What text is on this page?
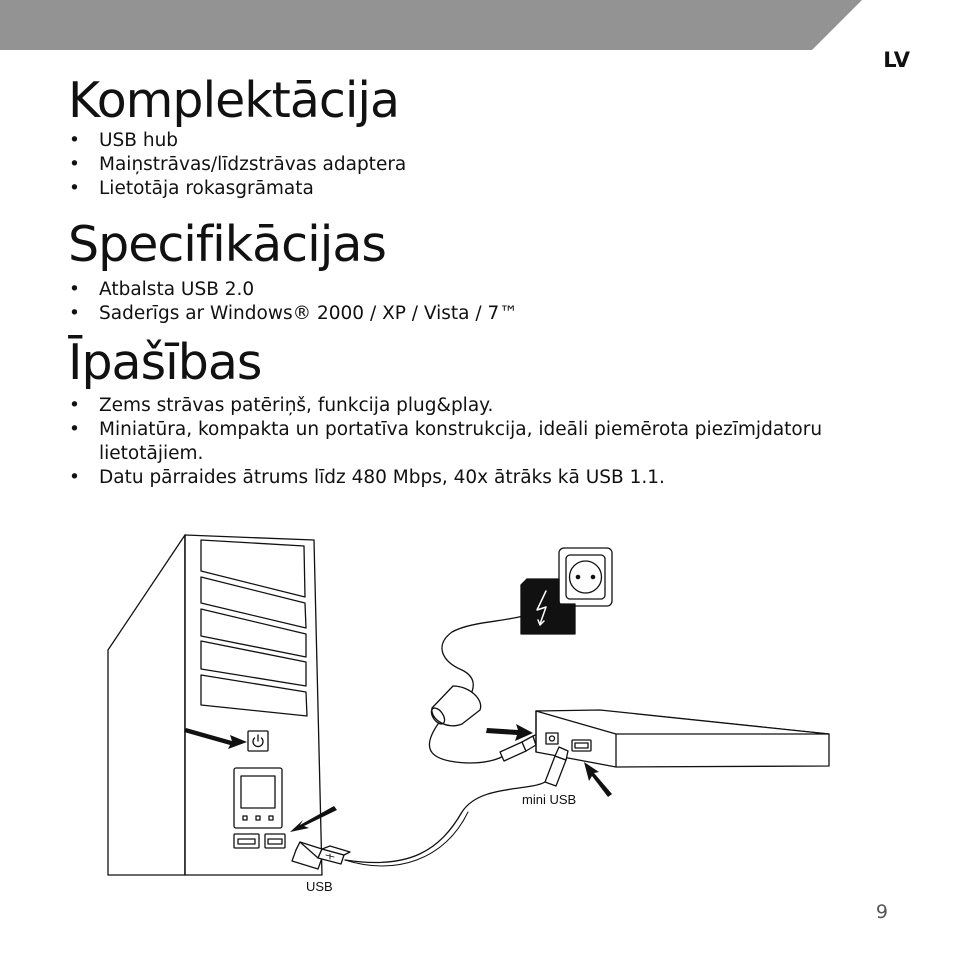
LV
Komplektācija
• USB hub
• Maiņstrāvas/līdzstrāvas adaptera
• Lietotāja rokasgrāmata
Specifikācijas
• Atbalsta USB 2.0
• Saderīgs ar Windows® 2000 / XP / Vista / 7™
Īpašības
• Zems strāvas patēriņš, funkcija plug&play.
• Miniatūra, kompakta un portatīva konstrukcija, ideāli piemērota piezīmjdatoru lietotājiem.
• Datu pārraides ātrums līdz 480 Mbps, 40x ātrāks kā USB 1.1.
USB
mini USB
9
